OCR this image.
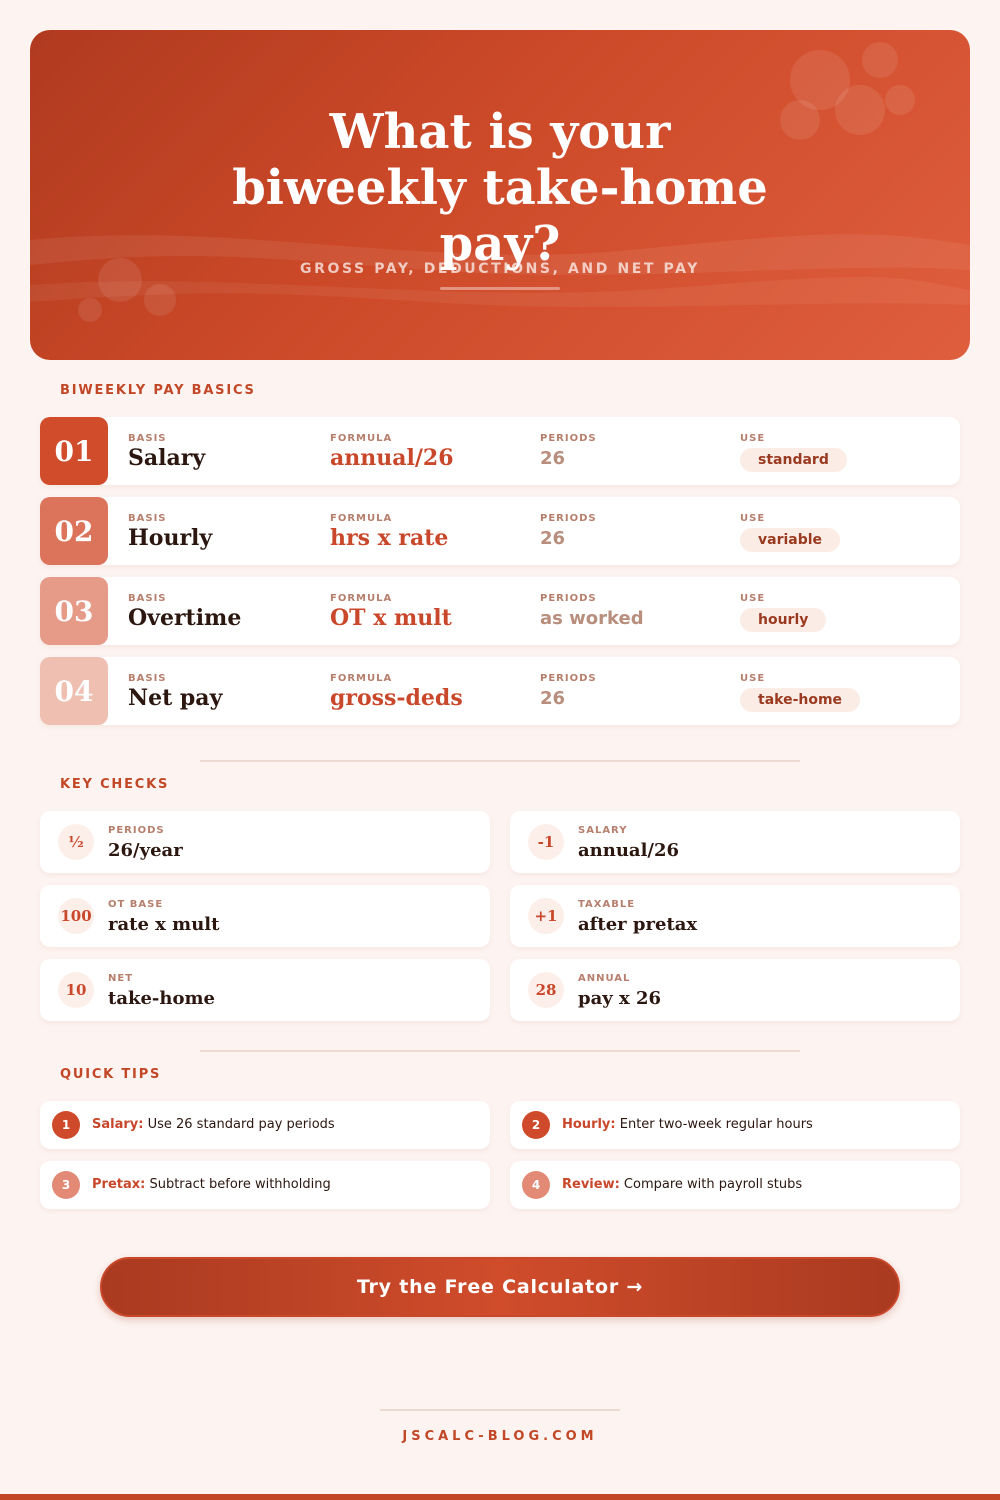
What is your biweekly take-home pay?
GROSS PAY, DEDUCTIONS, AND NET PAY
BIWEEKLY PAY BASICS
01	BASIS
Salary
FORMULA
annual/26
PERIODS
26
USE
standard
02	BASIS
Hourly
FORMULA
hrs x rate
PERIODS
26
USE
variable
03	BASIS
Overtime
FORMULA
OT x mult
PERIODS
as worked
USE
hourly
04	BASIS
Net pay
FORMULA
gross-deds
PERIODS
26
USE
take-home
KEY CHECKS
½
PERIODS
26/year	-1
SALARY
annual/26
100
OT BASE
rate x mult	+1
TAXABLE
after pretax
10
NET
take-home	28
ANNUAL
pay x 26
QUICK TIPS
1	Salary: Use 26 standard pay periods	2	Hourly: Enter two-week regular hours
3	Pretax: Subtract before withholding	4	Review: Compare with payroll stubs
Try the Free Calculator →
JSCALC-BLOG.COM
